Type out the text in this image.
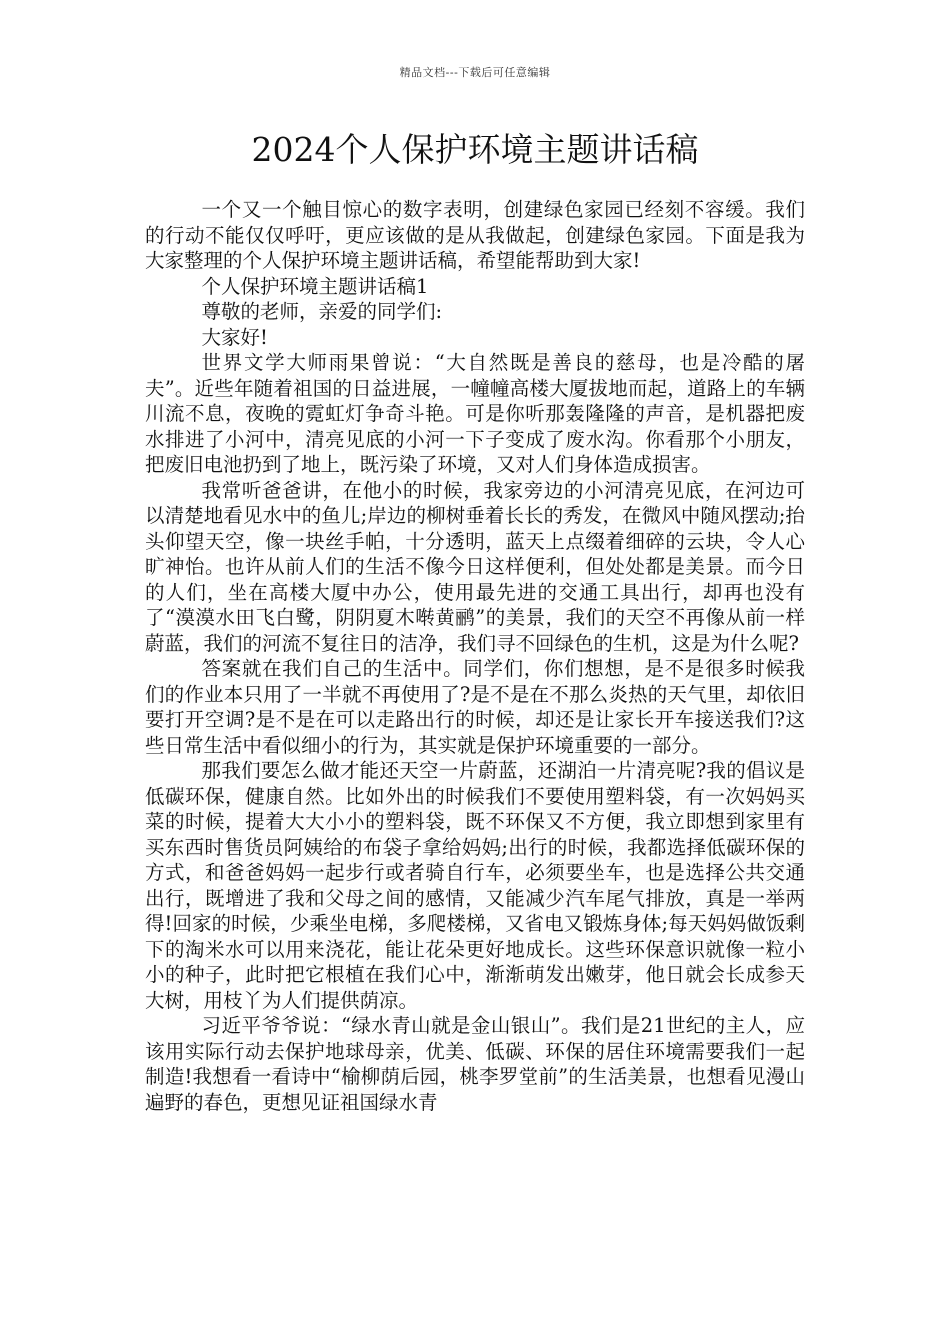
精品文档---下载后可任意编辑
2024个人保护环境主题讲话稿

一个又一个触目惊心的数字表明，创建绿色家园已经刻不容缓。我们的行动不能仅仅呼吁，更应该做的是从我做起，创建绿色家园。下面是我为大家整理的个人保护环境主题讲话稿，希望能帮助到大家!

个人保护环境主题讲话稿1

尊敬的老师，亲爱的同学们:

大家好!

世界文学大师雨果曾说：“大自然既是善良的慈母，也是冷酷的屠夫”。近些年随着祖国的日益进展，一幢幢高楼大厦拔地而起，道路上的车辆川流不息，夜晚的霓虹灯争奇斗艳。可是你听那轰隆隆的声音，是机器把废水排进了小河中，清亮见底的小河一下子变成了废水沟。你看那个小朋友，把废旧电池扔到了地上，既污染了环境，又对人们身体造成损害。

我常听爸爸讲，在他小的时候，我家旁边的小河清亮见底，在河边可以清楚地看见水中的鱼儿;岸边的柳树垂着长长的秀发，在微风中随风摆动;抬头仰望天空，像一块丝手帕，十分透明，蓝天上点缀着细碎的云块，令人心旷神怡。也许从前人们的生活不像今日这样便利，但处处都是美景。而今日的人们，坐在高楼大厦中办公，使用最先进的交通工具出行，却再也没有了“漠漠水田飞白鹭，阴阴夏木啭黄鹂”的美景，我们的天空不再像从前一样蔚蓝，我们的河流不复往日的洁净，我们寻不回绿色的生机，这是为什么呢?

答案就在我们自己的生活中。同学们，你们想想，是不是很多时候我们的作业本只用了一半就不再使用了?是不是在不那么炎热的天气里，却依旧要打开空调?是不是在可以走路出行的时候，却还是让家长开车接送我们?这些日常生活中看似细小的行为，其实就是保护环境重要的一部分。

那我们要怎么做才能还天空一片蔚蓝，还湖泊一片清亮呢?我的倡议是低碳环保，健康自然。比如外出的时候我们不要使用塑料袋，有一次妈妈买菜的时候，提着大大小小的塑料袋，既不环保又不方便，我立即想到家里有买东西时售货员阿姨给的布袋子拿给妈妈;出行的时候，我都选择低碳环保的方式，和爸爸妈妈一起步行或者骑自行车，必须要坐车，也是选择公共交通出行，既增进了我和父母之间的感情，又能减少汽车尾气排放，真是一举两得!回家的时候，少乘坐电梯，多爬楼梯，又省电又锻炼身体;每天妈妈做饭剩下的淘米水可以用来浇花，能让花朵更好地成长。这些环保意识就像一粒小小的种子，此时把它根植在我们心中，渐渐萌发出嫩芽，他日就会长成参天大树，用枝丫为人们提供荫凉。

习近平爷爷说：“绿水青山就是金山银山”。我们是21世纪的主人，应该用实际行动去保护地球母亲，优美、低碳、环保的居住环境需要我们一起制造!我想看一看诗中“榆柳荫后园，桃李罗堂前”的生活美景，也想看见漫山遍野的春色，更想见证祖国绿水青
